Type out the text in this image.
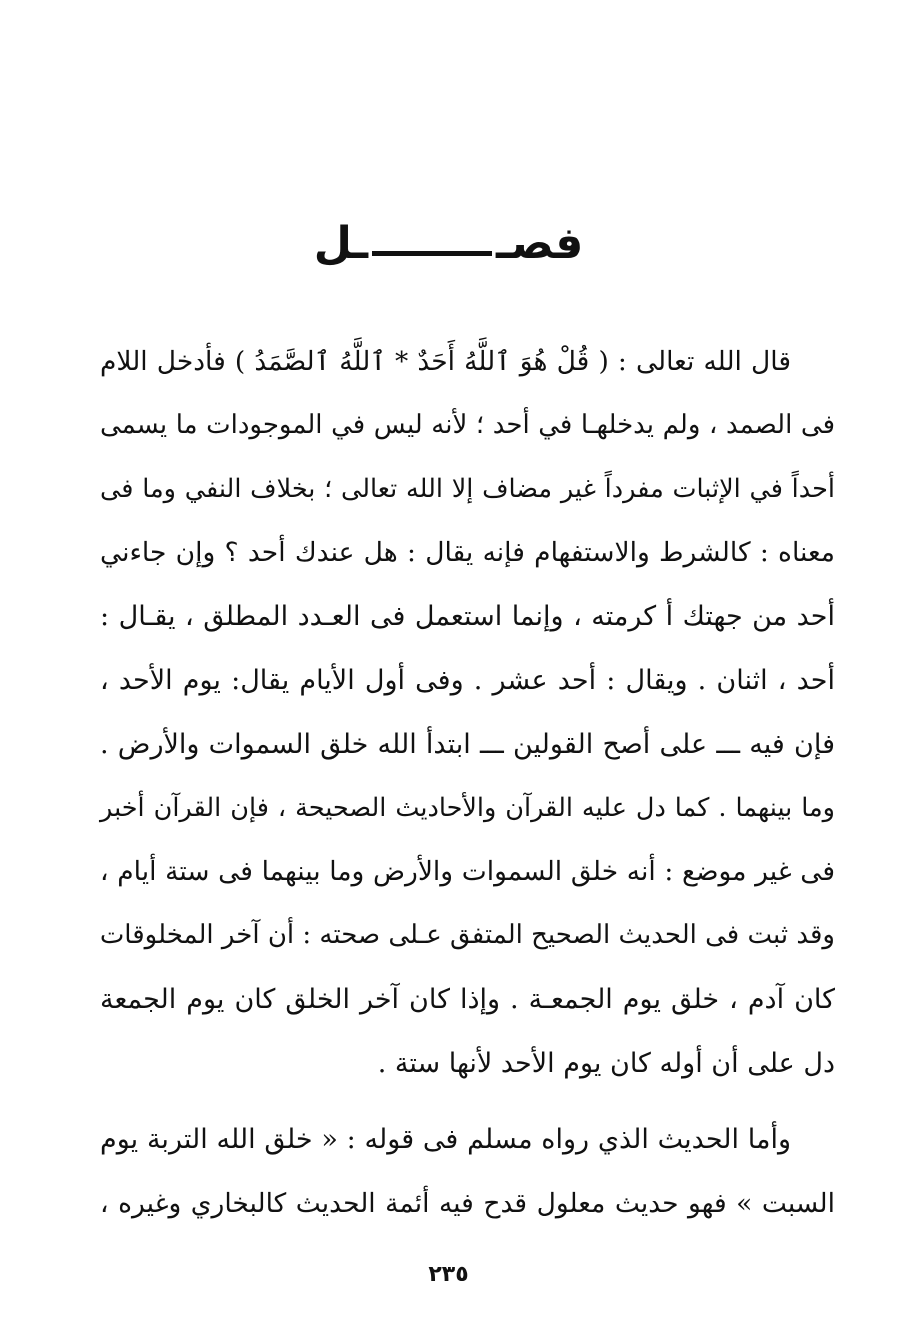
فصــل
قال الله تعالى : ( قُلْ هُوَ ٱللَّهُ أَحَدٌ * ٱللَّهُ ٱلصَّمَدُ ) فأدخل اللام
فى الصمد ، ولم يدخلهـا في أحد ؛ لأنه ليس في الموجودات ما يسمى
أحداً في الإثبات مفرداً غير مضاف إلا الله تعالى ؛ بخلاف النفي وما فى
معناه : كالشرط والاستفهام فإنه يقال : هل عندك أحد ؟ وإن جاءني
أحد من جهتك أ كرمته ، وإنما استعمل فى العـدد المطلق ، يقـال :
أحد ، اثنان . ويقال : أحد عشر . وفى أول الأيام يقال: يوم الأحد ،
فإن فيه ـــ على أصح القولين ـــ ابتدأ الله خلق السموات والأرض .
وما بينهما . كما دل عليه القرآن والأحاديث الصحيحة ، فإن القرآن أخبر
فى غير موضع : أنه خلق السموات والأرض وما بينهما فى ستة أيام ،
وقد ثبت فى الحديث الصحيح المتفق عـلى صحته : أن آخر المخلوقات
كان آدم ، خلق يوم الجمعـة . وإذا كان آخر الخلق كان يوم الجمعة
دل على أن أوله كان يوم الأحد لأنها ستة .
وأما الحديث الذي رواه مسلم فى قوله : « خلق الله التربة يوم
السبت » فهو حديث معلول قدح فيه أئمة الحديث كالبخاري وغيره ،
٢٣٥
